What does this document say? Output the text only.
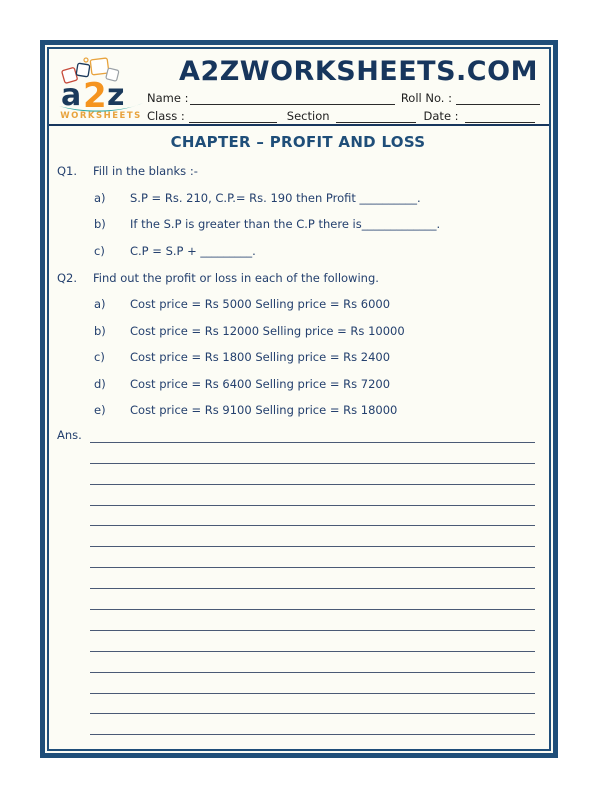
a 2 z
WORKSHEETS
A2ZWORKSHEETS.COM
Name :	Roll No. :
Class :	Section	Date :
CHAPTER – PROFIT AND LOSS
Q1.	Fill in the blanks :-
a)	S.P = Rs. 210, C.P.= Rs. 190 then Profit __________.
b)	If the S.P is greater than the C.P there is_____________.
c)	C.P = S.P + _________.
Q2.	Find out the profit or loss in each of the following.
a)	Cost price = Rs 5000 Selling price = Rs 6000
b)	Cost price = Rs 12000 Selling price = Rs 10000
c)	Cost price = Rs 1800 Selling price = Rs 2400
d)	Cost price = Rs 6400 Selling price = Rs 7200
e)	Cost price = Rs 9100 Selling price = Rs 18000
Ans.
